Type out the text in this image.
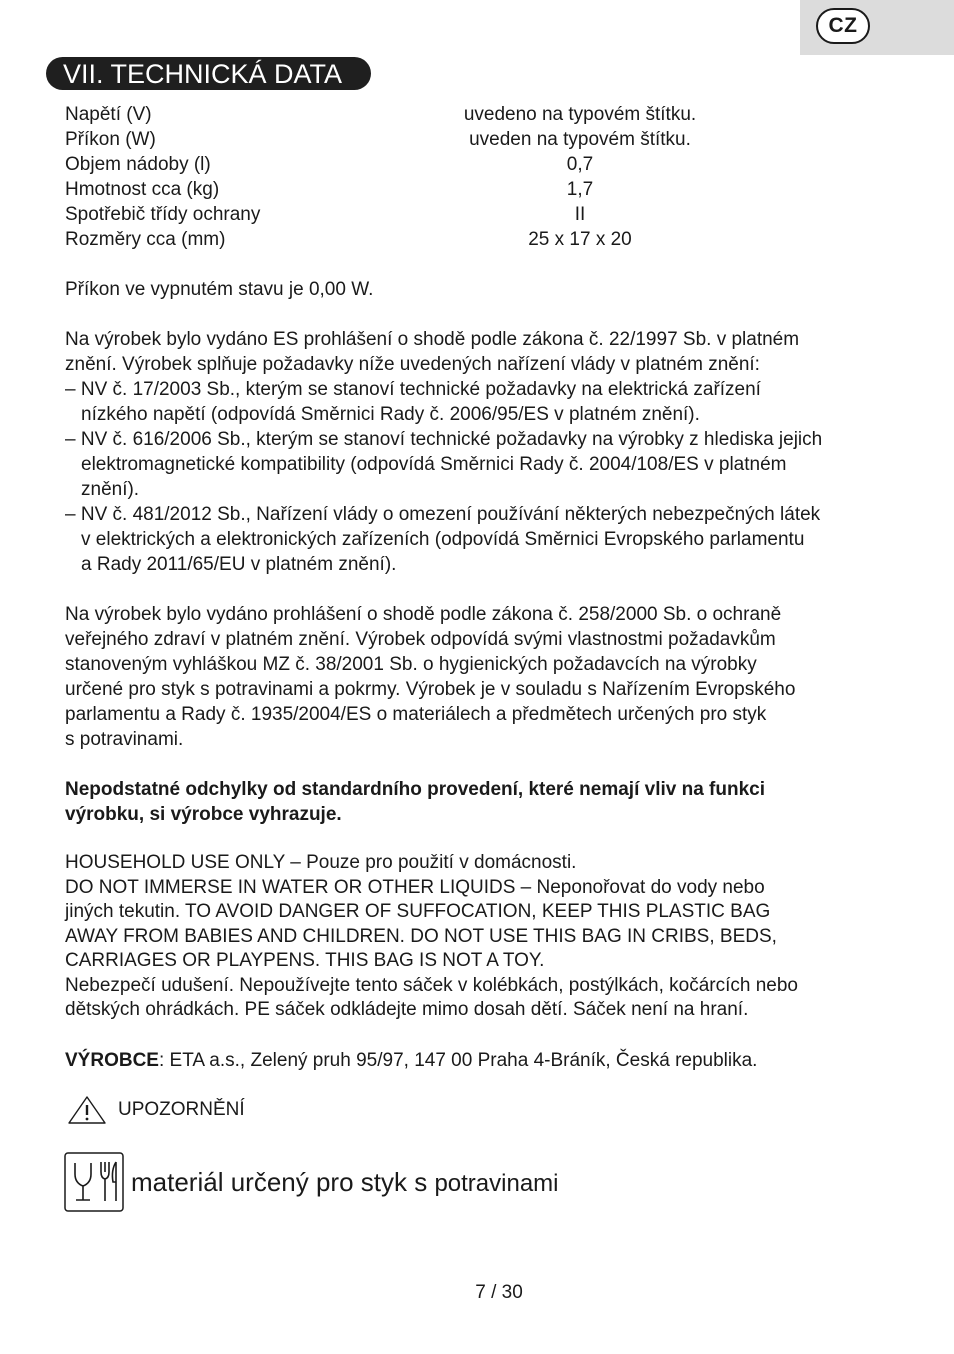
CZ
VII. TECHNICKÁ DATA
Napětí (V)	uvedeno na typovém štítku.
Příkon (W)	uveden na typovém štítku.
Objem nádoby (l)	0,7
Hmotnost cca (kg)	1,7
Spotřebič třídy ochrany	II
Rozměry cca (mm)	25 x 17 x 20
Příkon ve vypnutém stavu je 0,00 W.
Na výrobek bylo vydáno ES prohlášení o shodě podle zákona č. 22/1997 Sb. v platném
znění. Výrobek splňuje požadavky níže uvedených nařízení vlády v platném znění:
– NV č. 17/2003 Sb., kterým se stanoví technické požadavky na elektrická zařízení
nízkého napětí (odpovídá Směrnici Rady č. 2006/95/ES v platném znění).
– NV č. 616/2006 Sb., kterým se stanoví technické požadavky na výrobky z hlediska jejich
elektromagnetické kompatibility (odpovídá Směrnici Rady č. 2004/108/ES v platném
znění).
– NV č. 481/2012 Sb., Nařízení vlády o omezení používání některých nebezpečných látek
v elektrických a elektronických zařízeních (odpovídá Směrnici Evropského parlamentu
a Rady 2011/65/EU v platném znění).
Na výrobek bylo vydáno prohlášení o shodě podle zákona č. 258/2000 Sb. o ochraně
veřejného zdraví v platném znění. Výrobek odpovídá svými vlastnostmi požadavkům
stanoveným vyhláškou MZ č. 38/2001 Sb. o hygienických požadavcích na výrobky
určené pro styk s potravinami a pokrmy. Výrobek je v souladu s Nařízením Evropského
parlamentu a Rady č. 1935/2004/ES o materiálech a předmětech určených pro styk
s potravinami.
Nepodstatné odchylky od standardního provedení, které nemají vliv na funkci
výrobku, si výrobce vyhrazuje.
HOUSEHOLD USE ONLY – Pouze pro použití v domácnosti.
DO NOT IMMERSE IN WATER OR OTHER LIQUIDS – Neponořovat do vody nebo
jiných tekutin. TO AVOID DANGER OF SUFFOCATION, KEEP THIS PLASTIC BAG
AWAY FROM BABIES AND CHILDREN. DO NOT USE THIS BAG IN CRIBS, BEDS,
CARRIAGES OR PLAYPENS. THIS BAG IS NOT A TOY.
Nebezpečí udušení. Nepoužívejte tento sáček v kolébkách, postýlkách, kočárcích nebo
dětských ohrádkách. PE sáček odkládejte mimo dosah dětí. Sáček není na hraní.
VÝROBCE: ETA a.s., Zelený pruh 95/97, 147 00 Praha 4-Bráník, Česká republika.
UPOZORNĚNÍ
materiál určený pro styk s potravinami
7 / 30
